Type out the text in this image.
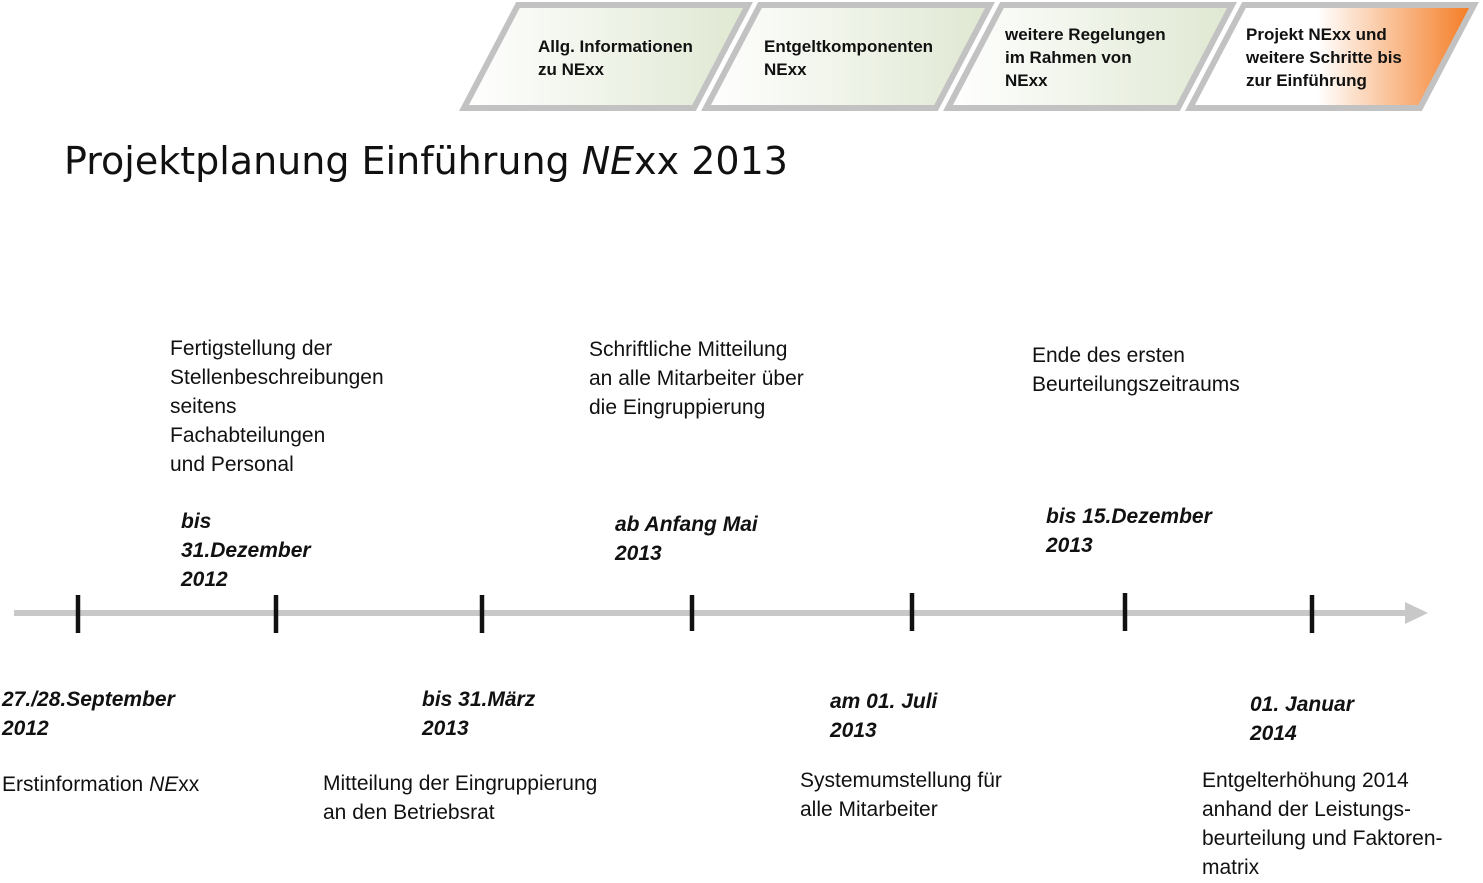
Allg. Informationen
zu NExx

Entgeltkomponenten
NExx

weitere Regelungen
im Rahmen von
NExx

Projekt NExx und
weitere Schritte bis
zur Einführung

Projektplanung Einführung NExx 2013

Fertigstellung der
Stellenbeschreibungen
seitens
Fachabteilungen
und Personal

bis
31.Dezember
2012

Schriftliche Mitteilung
an alle Mitarbeiter über
die Eingruppierung

ab Anfang Mai
2013

Ende des ersten
Beurteilungszeitraums

bis 15.Dezember
2013

27./28.September
2012

Erstinformation NExx

bis 31.März
2013

Mitteilung der Eingruppierung
an den Betriebsrat

am 01. Juli
2013

Systemumstellung für
alle Mitarbeiter

01. Januar
2014

Entgelterhöhung 2014
anhand der Leistungs-
beurteilung und Faktoren-
matrix
